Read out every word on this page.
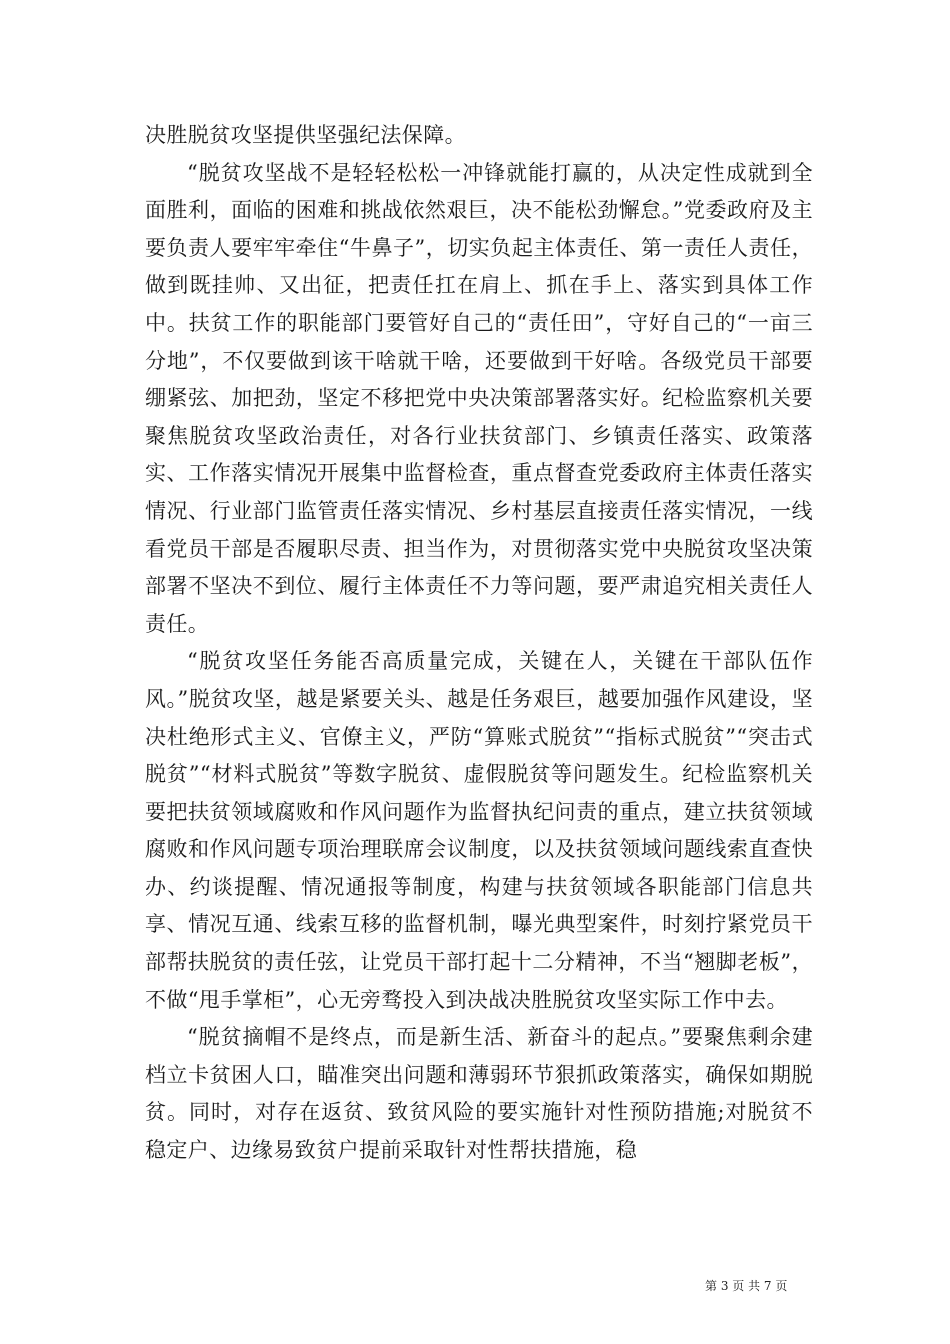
决胜脱贫攻坚提供坚强纪法保障。

“脱贫攻坚战不是轻轻松松一冲锋就能打赢的，从决定性成就到全面胜利，面临的困难和挑战依然艰巨，决不能松劲懈怠。”党委政府及主要负责人要牢牢牵住“牛鼻子”，切实负起主体责任、第一责任人责任，做到既挂帅、又出征，把责任扛在肩上、抓在手上、落实到具体工作中。扶贫工作的职能部门要管好自己的“责任田”，守好自己的“一亩三分地”，不仅要做到该干啥就干啥，还要做到干好啥。各级党员干部要绷紧弦、加把劲，坚定不移把党中央决策部署落实好。纪检监察机关要聚焦脱贫攻坚政治责任，对各行业扶贫部门、乡镇责任落实、政策落实、工作落实情况开展集中监督检查，重点督查党委政府主体责任落实情况、行业部门监管责任落实情况、乡村基层直接责任落实情况，一线看党员干部是否履职尽责、担当作为，对贯彻落实党中央脱贫攻坚决策部署不坚决不到位、履行主体责任不力等问题，要严肃追究相关责任人责任。

“脱贫攻坚任务能否高质量完成，关键在人，关键在干部队伍作风。”脱贫攻坚，越是紧要关头、越是任务艰巨，越要加强作风建设，坚决杜绝形式主义、官僚主义，严防“算账式脱贫”“指标式脱贫”“突击式脱贫”“材料式脱贫”等数字脱贫、虚假脱贫等问题发生。纪检监察机关要把扶贫领域腐败和作风问题作为监督执纪问责的重点，建立扶贫领域腐败和作风问题专项治理联席会议制度，以及扶贫领域问题线索直查快办、约谈提醒、情况通报等制度，构建与扶贫领域各职能部门信息共享、情况互通、线索互移的监督机制，曝光典型案件，时刻拧紧党员干部帮扶脱贫的责任弦，让党员干部打起十二分精神，不当“翘脚老板”，不做“甩手掌柜”，心无旁骛投入到决战决胜脱贫攻坚实际工作中去。

“脱贫摘帽不是终点，而是新生活、新奋斗的起点。”要聚焦剩余建档立卡贫困人口，瞄准突出问题和薄弱环节狠抓政策落实，确保如期脱贫。同时，对存在返贫、致贫风险的要实施针对性预防措施;对脱贫不稳定户、边缘易致贫户提前采取针对性帮扶措施，稳

第 3 页 共 7 页
